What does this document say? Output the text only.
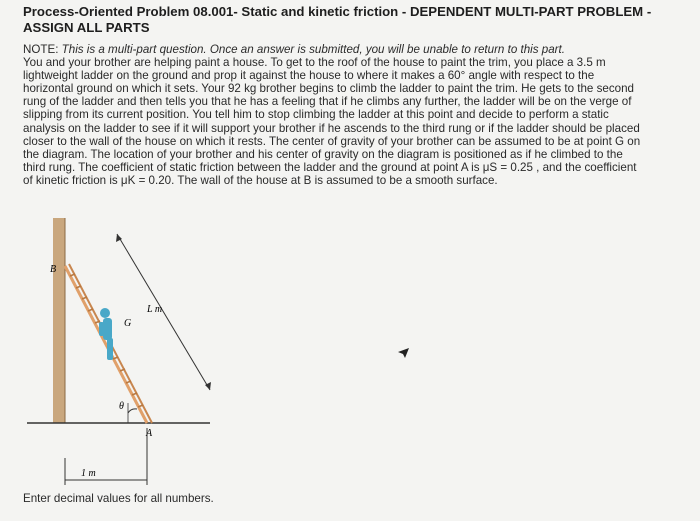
Process-Oriented Problem 08.001- Static and kinetic friction - DEPENDENT MULTI-PART PROBLEM -
ASSIGN ALL PARTS

NOTE: This is a multi-part question. Once an answer is submitted, you will be unable to return to this part.

You and your brother are helping paint a house. To get to the roof of the house to paint the trim, you place a 3.5 m

lightweight ladder on the ground and prop it against the house to where it makes a 60° angle with respect to the

horizontal ground on which it sets. Your 92 kg brother begins to climb the ladder to paint the trim. He gets to the second

rung of the ladder and then tells you that he has a feeling that if he climbs any further, the ladder will be on the verge of

slipping from its current position. You tell him to stop climbing the ladder at this point and decide to perform a static

analysis on the ladder to see if it will support your brother if he ascends to the third rung or if the ladder should be placed

closer to the wall of the house on which it rests. The center of gravity of your brother can be assumed to be at point G on

the diagram. The location of your brother and his center of gravity on the diagram is positioned as if he climbed to the

third rung. The coefficient of static friction between the ladder and the ground at point A is μS = 0.25 , and the coefficient

of kinetic friction is μK = 0.20. The wall of the house at B is assumed to be a smooth surface.

B
G
L m
θ
A
1 m
Enter decimal values for all numbers.
